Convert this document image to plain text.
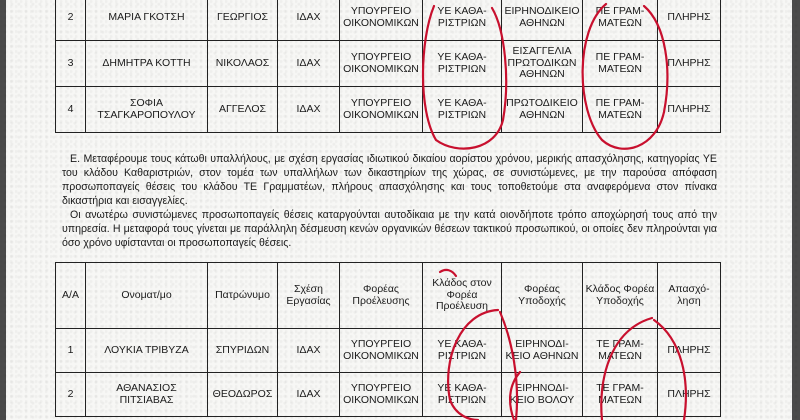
2	ΜΑΡΙΑ ΓΚΟΤΣΗ	ΓΕΩΡΓΙΟΣ	ΙΔΑΧ	ΥΠΟΥΡΓΕΙΟ ΟΙΚΟΝΟΜΙΚΩΝ	ΥΕ ΚΑΘΑ- ΡΙΣΤΡΙΩΝ	ΕΙΡΗΝΟΔΙΚΕΙΟ ΑΘΗΝΩΝ	ΠΕ ΓΡΑΜ- ΜΑΤΕΩΝ	ΠΛΗΡΗΣ
3	ΔΗΜΗΤΡΑ ΚΟΤΤΗ	ΝΙΚΟΛΑΟΣ	ΙΔΑΧ	ΥΠΟΥΡΓΕΙΟ ΟΙΚΟΝΟΜΙΚΩΝ	ΥΕ ΚΑΘΑ- ΡΙΣΤΡΙΩΝ	ΕΙΣΑΓΓΕΛΙΑ ΠΡΩΤΟΔΙΚΩΝ ΑΘΗΝΩΝ	ΠΕ ΓΡΑΜ- ΜΑΤΕΩΝ	ΠΛΗΡΗΣ
4	ΣΟΦΙΑ ΤΣΑΓΚΑΡΟΠΟΥΛΟΥ	ΑΓΓΕΛΟΣ	ΙΔΑΧ	ΥΠΟΥΡΓΕΙΟ ΟΙΚΟΝΟΜΙΚΩΝ	ΥΕ ΚΑΘΑ- ΡΙΣΤΡΙΩΝ	ΠΡΩΤΟΔΙΚΕΙΟ ΑΘΗΝΩΝ	ΠΕ ΓΡΑΜ- ΜΑΤΕΩΝ	ΠΛΗΡΗΣ

Ε. Μεταφέρουμε τους κάτωθι υπαλλήλους, με σχέση εργασίας ιδιωτικού δικαίου αορίστου χρόνου, μερικής απασχόλησης, κατηγορίας ΥΕ του κλάδου Καθαριστριών, στον τομέα των υπαλλήλων των δικαστηρίων της χώρας, σε συνιστώμενες, με την παρούσα απόφαση προσωποπαγείς θέσεις του κλάδου ΤΕ Γραμματέων, πλήρους απασχόλησης και τους τοποθετούμε στα αναφερόμενα στον πίνακα δικαστήρια και εισαγγελίες.

Οι ανωτέρω συνιστώμενες προσωποπαγείς θέσεις καταργούνται αυτοδίκαια με την κατά οιονδήποτε τρόπο αποχώρησή τους από την υπηρεσία. Η μεταφορά τους γίνεται με παράλληλη δέσμευση κενών οργανικών θέσεων τακτικού προσωπικού, οι οποίες δεν πληρούνται για όσο χρόνο υφίστανται οι προσωποπαγείς θέσεις.

Α/Α	Ονοματ/μο	Πατρώνυμο	Σχέση Εργασίας	Φορέας Προέλευσης	Κλάδος στον Φορέα Προέλευση	Φορέας Υποδοχής	Κλάδος Φορέα Υποδοχής	Απασχό- ληση
1	ΛΟΥΚΙΑ ΤΡΙΒΥΖΑ	ΣΠΥΡΙΔΩΝ	ΙΔΑΧ	ΥΠΟΥΡΓΕΙΟ ΟΙΚΟΝΟΜΙΚΩΝ	ΥΕ ΚΑΘΑ- ΡΙΣΤΡΙΩΝ	ΕΙΡΗΝΟΔΙ- ΚΕΙΟ ΑΘΗΝΩΝ	ΤΕ ΓΡΑΜ- ΜΑΤΕΩΝ	ΠΛΗΡΗΣ
2	ΑΘΑΝΑΣΙΟΣ ΠΙΤΣΙΑΒΑΣ	ΘΕΟΔΩΡΟΣ	ΙΔΑΧ	ΥΠΟΥΡΓΕΙΟ ΟΙΚΟΝΟΜΙΚΩΝ	ΥΕ ΚΑΘΑ- ΡΙΣΤΡΙΩΝ	ΕΙΡΗΝΟΔΙ- ΚΕΙΟ ΒΟΛΟΥ	ΤΕ ΓΡΑΜ- ΜΑΤΕΩΝ	ΠΛΗΡΗΣ
